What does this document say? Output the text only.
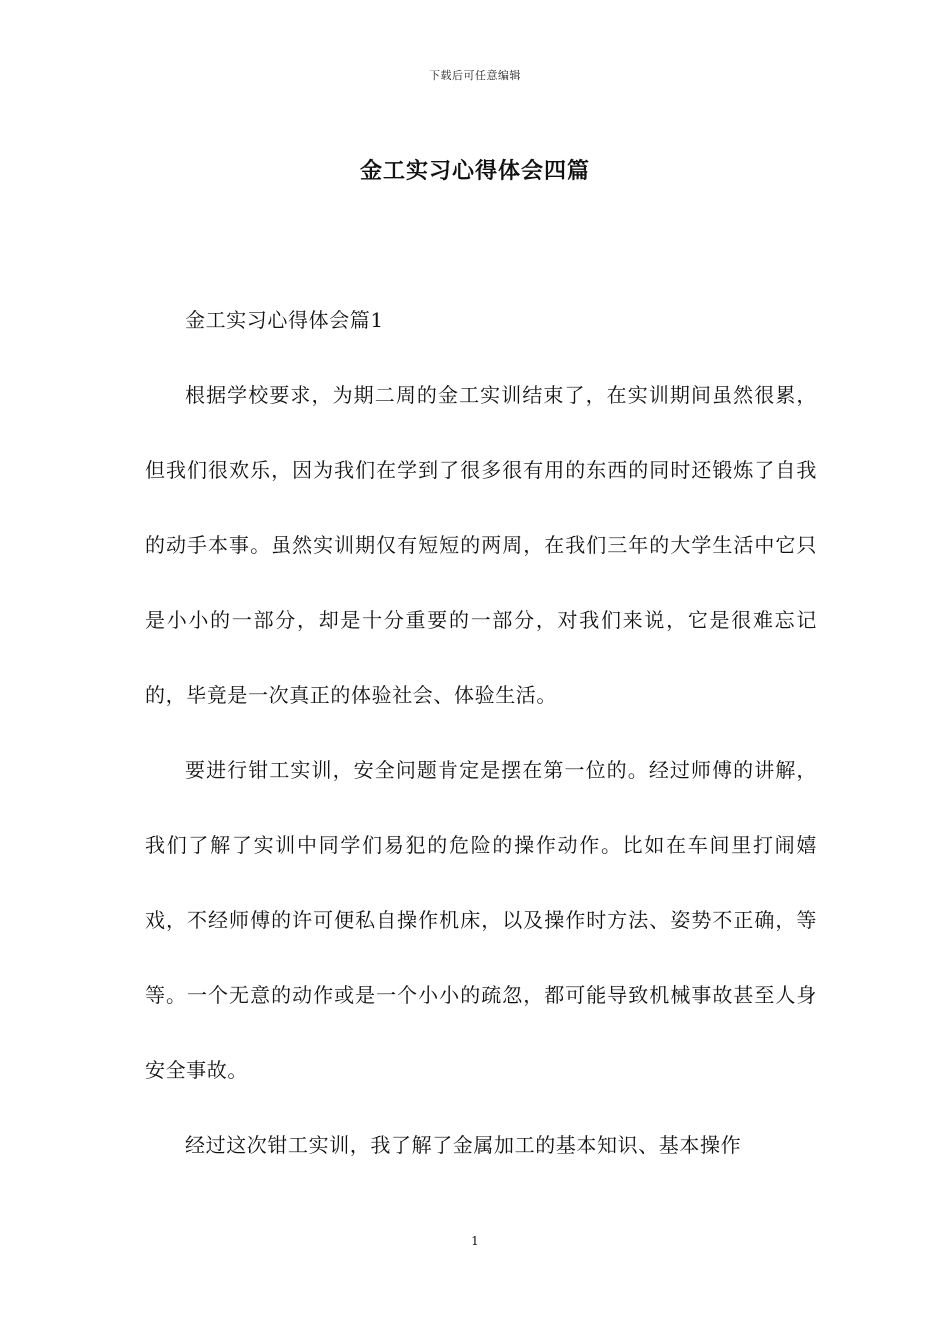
下载后可任意编辑
金工实习心得体会四篇
金工实习心得体会篇1

根据学校要求，为期二周的金工实训结束了，在实训期间虽然很累，但我们很欢乐，因为我们在学到了很多很有用的东西的同时还锻炼了自我的动手本事。虽然实训期仅有短短的两周，在我们三年的大学生活中它只是小小的一部分，却是十分重要的一部分，对我们来说，它是很难忘记的，毕竟是一次真正的体验社会、体验生活。

要进行钳工实训，安全问题肯定是摆在第一位的。经过师傅的讲解，我们了解了实训中同学们易犯的危险的操作动作。比如在车间里打闹嬉戏，不经师傅的许可便私自操作机床，以及操作时方法、姿势不正确，等等。一个无意的动作或是一个小小的疏忽，都可能导致机械事故甚至人身安全事故。

经过这次钳工实训，我了解了金属加工的基本知识、基本操作

1
